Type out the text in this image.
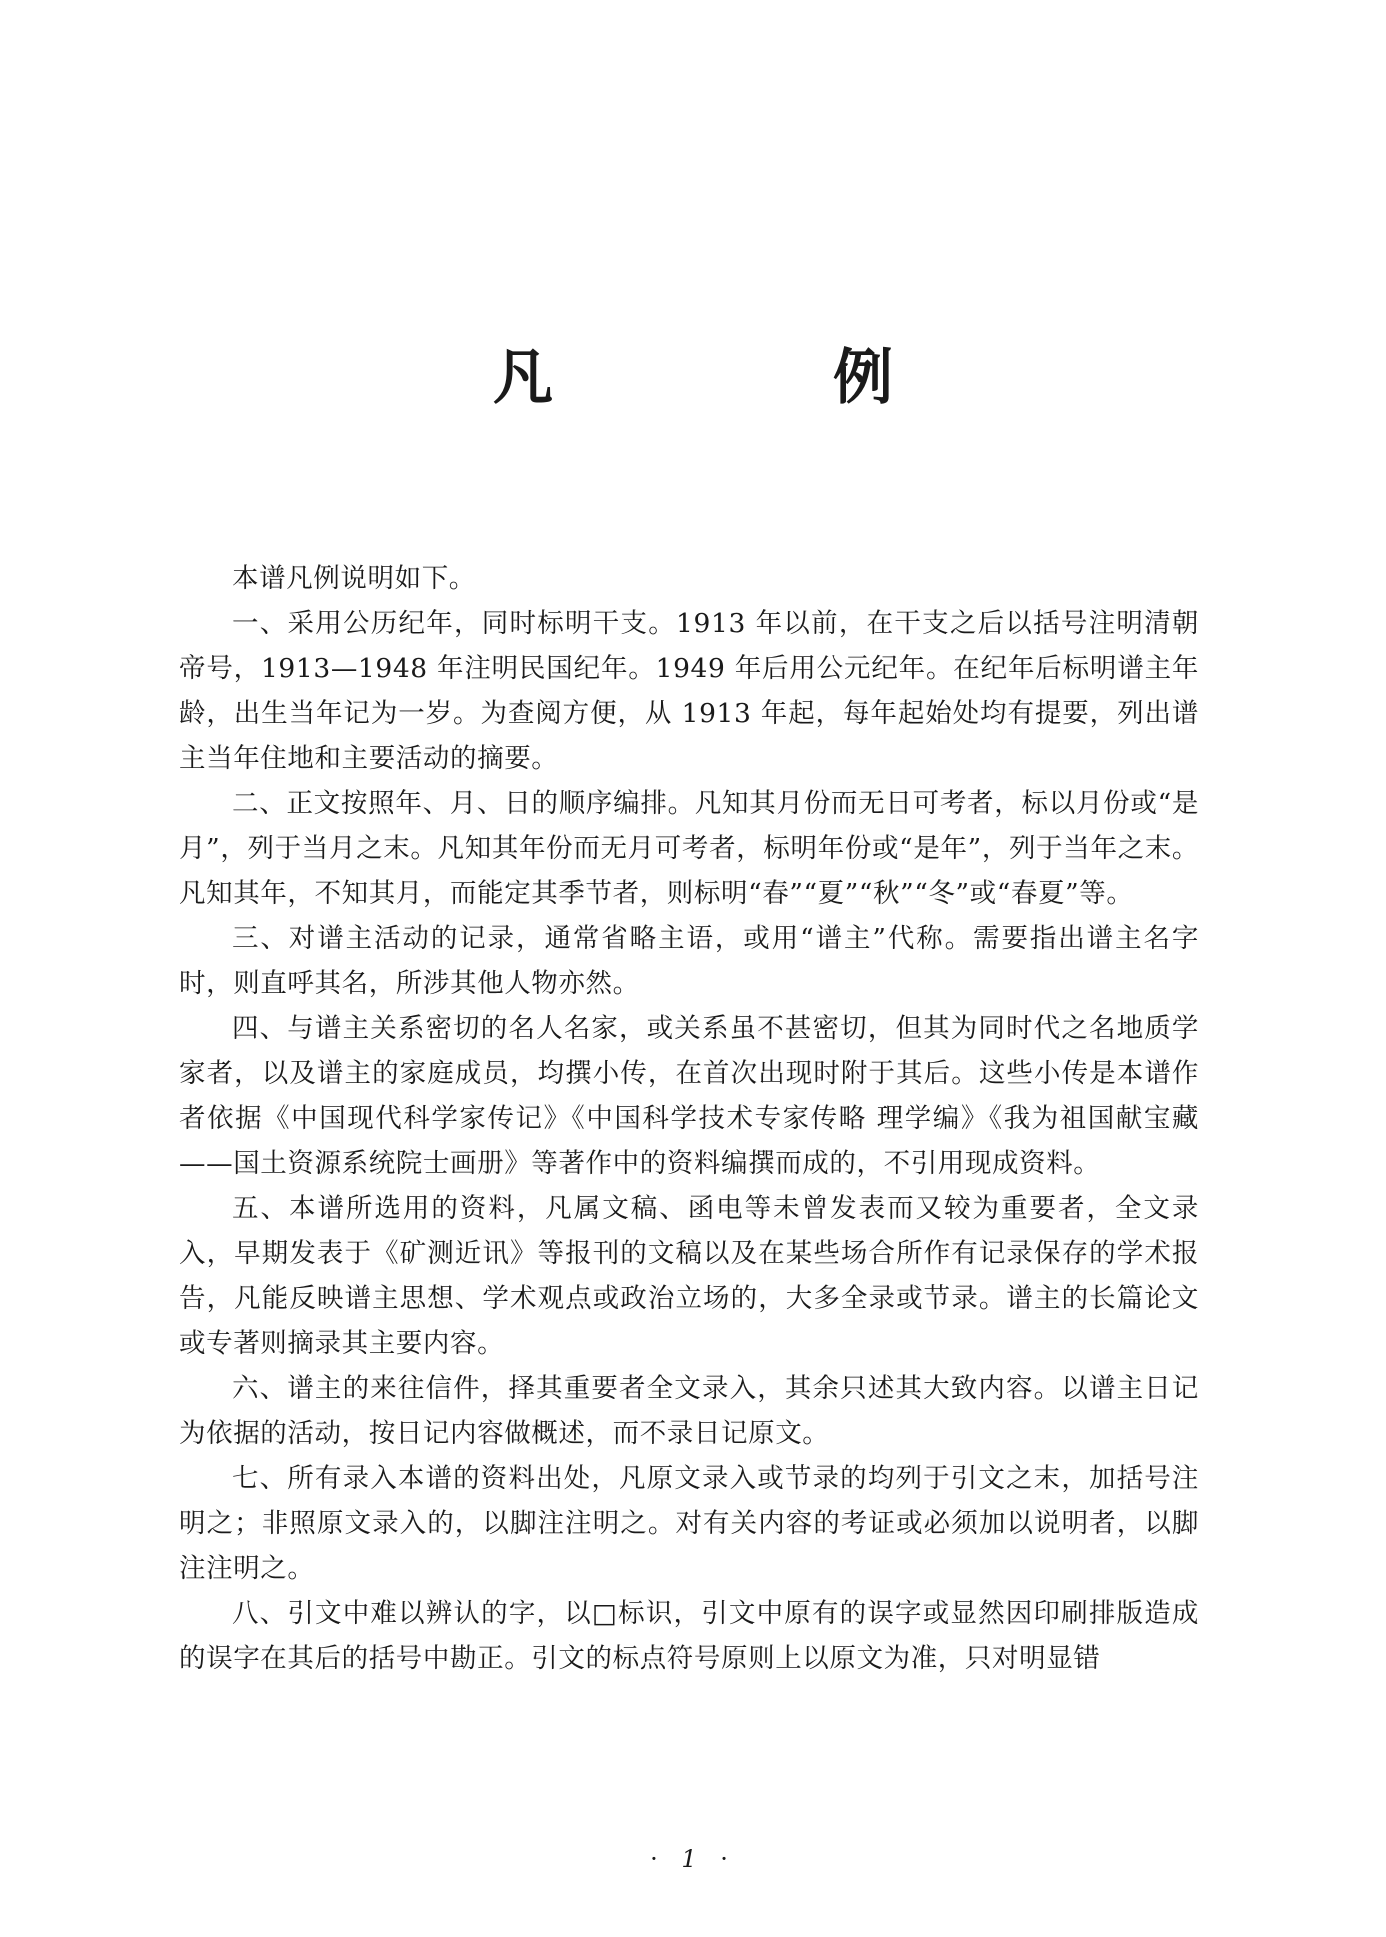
凡　例

本谱凡例说明如下。

一、采用公历纪年，同时标明干支。1913 年以前，在干支之后以括号注明清朝帝号，1913—1948 年注明民国纪年。1949 年后用公元纪年。在纪年后标明谱主年龄，出生当年记为一岁。为查阅方便，从 1913 年起，每年起始处均有提要，列出谱主当年住地和主要活动的摘要。

二、正文按照年、月、日的顺序编排。凡知其月份而无日可考者，标以月份或“是月”，列于当月之末。凡知其年份而无月可考者，标明年份或“是年”，列于当年之末。凡知其年，不知其月，而能定其季节者，则标明“春”“夏”“秋”“冬”或“春夏”等。

三、对谱主活动的记录，通常省略主语，或用“谱主”代称。需要指出谱主名字时，则直呼其名，所涉其他人物亦然。

四、与谱主关系密切的名人名家，或关系虽不甚密切，但其为同时代之名地质学家者，以及谱主的家庭成员，均撰小传，在首次出现时附于其后。这些小传是本谱作者依据《中国现代科学家传记》《中国科学技术专家传略 理学编》《我为祖国献宝藏——国土资源系统院士画册》等著作中的资料编撰而成的，不引用现成资料。

五、本谱所选用的资料，凡属文稿、函电等未曾发表而又较为重要者，全文录入，早期发表于《矿测近讯》等报刊的文稿以及在某些场合所作有记录保存的学术报告，凡能反映谱主思想、学术观点或政治立场的，大多全录或节录。谱主的长篇论文或专著则摘录其主要内容。

六、谱主的来往信件，择其重要者全文录入，其余只述其大致内容。以谱主日记为依据的活动，按日记内容做概述，而不录日记原文。

七、所有录入本谱的资料出处，凡原文录入或节录的均列于引文之末，加括号注明之；非照原文录入的，以脚注注明之。对有关内容的考证或必须加以说明者，以脚注注明之。

八、引文中难以辨认的字，以□标识，引文中原有的误字或显然因印刷排版造成的误字在其后的括号中勘正。引文的标点符号原则上以原文为准，只对明显错

· 1 ·
